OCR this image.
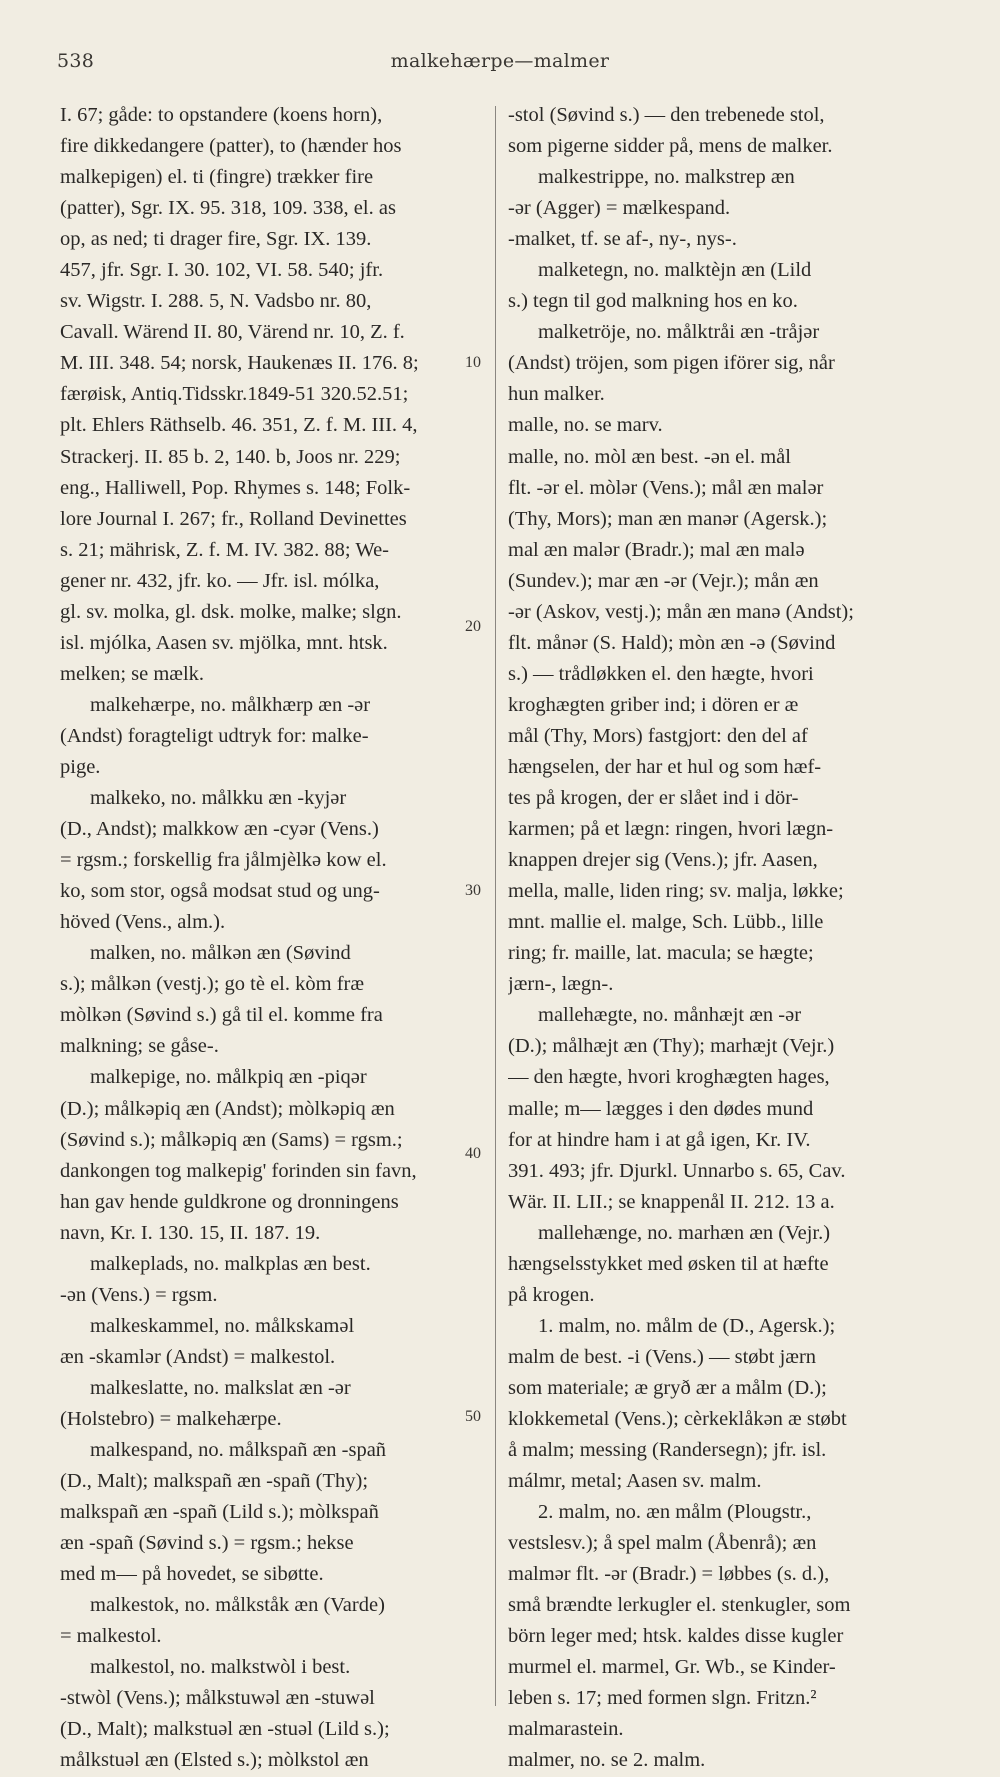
538	malkehærpe—malmer
I. 67; gåde: to opstandere (koens horn),
fire dikkedangere (patter), to (hænder hos
malkepigen) el. ti (fingre) trækker fire
(patter), Sgr. IX. 95. 318, 109. 338, el. as
op, as ned; ti drager fire, Sgr. IX. 139.
457, jfr. Sgr. I. 30. 102, VI. 58. 540; jfr.
sv. Wigstr. I. 288. 5, N. Vadsbo nr. 80,
Cavall. Wärend II. 80, Värend nr. 10, Z. f.
M. III. 348. 54; norsk, Haukenæs II. 176. 8;
færøisk, Antiq.Tidsskr.1849-51 320.52.51;
plt. Ehlers Räthselb. 46. 351, Z. f. M. III. 4,
Strackerj. II. 85 b. 2, 140. b, Joos nr. 229;
eng., Halliwell, Pop. Rhymes s. 148; Folk-
lore Journal I. 267; fr., Rolland Devinettes
s. 21; mährisk, Z. f. M. IV. 382. 88; We-
gener nr. 432, jfr. ko. — Jfr. isl. mólka,
gl. sv. molka, gl. dsk. molke, malke; slgn.
isl. mjólka, Aasen sv. mjölka, mnt. htsk.
melken; se mælk.
malkehærpe, no. målkhærp æn -ər
(Andst) foragteligt udtryk for: malke-
pige.
malkeko, no. målkku æn -kyjər
(D., Andst); malkkow æn -cyər (Vens.)
= rgsm.; forskellig fra jålmjèlkə kow el.
ko, som stor, også modsat stud og ung-
höved (Vens., alm.).
malken, no. målkən æn (Søvind
s.); målkən (vestj.); go tè el. kòm fræ
mòlkən (Søvind s.) gå til el. komme fra
malkning; se gåse-.
malkepige, no. målkpiq æn -piqər
(D.); målkəpiq æn (Andst); mòlkəpiq æn
(Søvind s.); målkəpiq æn (Sams) = rgsm.;
dankongen tog malkepig' forinden sin favn,
han gav hende guldkrone og dronningens
navn, Kr. I. 130. 15, II. 187. 19.
malkeplads, no. malkplas æn best.
-ən (Vens.) = rgsm.
malkeskammel, no. målkskaməl
æn -skamlər (Andst) = malkestol.
malkeslatte, no. malkslat æn -ər
(Holstebro) = malkehærpe.
malkespand, no. målkspañ æn -spañ
(D., Malt); malkspañ æn -spañ (Thy);
malkspañ æn -spañ (Lild s.); mòlkspañ
æn -spañ (Søvind s.) = rgsm.; hekse
med m— på hovedet, se sibøtte.
malkestok, no. målkståk æn (Varde)
= malkestol.
malkestol, no. malkstwòl i best.
-stwòl (Vens.); målkstuwəl æn -stuwəl
(D., Malt); malkstuəl æn -stuəl (Lild s.);
målkstuəl æn (Elsted s.); mòlkstol æn
-stol (Søvind s.) — den trebenede stol,
som pigerne sidder på, mens de malker.
malkestrippe, no. malkstrep æn
-ər (Agger) = mælkespand.
-malket, tf. se af-, ny-, nys-.
malketegn, no. malktèjn æn (Lild
s.) tegn til god malkning hos en ko.
malketröje, no. målktråi æn -tråjər
(Andst) tröjen, som pigen iförer sig, når
hun malker.
malle, no. se marv.
malle, no. mòl æn best. -ən el. mål
flt. -ər el. mòlər (Vens.); mål æn malər
(Thy, Mors); man æn manər (Agersk.);
mal æn malər (Bradr.); mal æn malə
(Sundev.); mar æn -ər (Vejr.); mån æn
-ər (Askov, vestj.); mån æn manə (Andst);
flt. månər (S. Hald); mòn æn -ə (Søvind
s.) — trådløkken el. den hægte, hvori
kroghægten griber ind; i dören er æ
mål (Thy, Mors) fastgjort: den del af
hængselen, der har et hul og som hæf-
tes på krogen, der er slået ind i dör-
karmen; på et lægn: ringen, hvori lægn-
knappen drejer sig (Vens.); jfr. Aasen,
mella, malle, liden ring; sv. malja, løkke;
mnt. mallie el. malge, Sch. Lübb., lille
ring; fr. maille, lat. macula; se hægte;
jærn-, lægn-.
mallehægte, no. månhæjt æn -ər
(D.); målhæjt æn (Thy); marhæjt (Vejr.)
— den hægte, hvori kroghægten hages,
malle; m— lægges i den dødes mund
for at hindre ham i at gå igen, Kr. IV.
391. 493; jfr. Djurkl. Unnarbo s. 65, Cav.
Wär. II. LII.; se knappenål II. 212. 13 a.
mallehænge, no. marhæn æn (Vejr.)
hængselsstykket med øsken til at hæfte
på krogen.
1. malm, no. målm de (D., Agersk.);
malm de best. -i (Vens.) — støbt jærn
som materiale; æ gryð ær a målm (D.);
klokkemetal (Vens.); cèrkeklåkən æ støbt
å malm; messing (Randersegn); jfr. isl.
málmr, metal; Aasen sv. malm.
2. malm, no. æn målm (Plougstr.,
vestslesv.); å spel malm (Åbenrå); æn
malmər flt. -ər (Bradr.) = løbbes (s. d.),
små brændte lerkugler el. stenkugler, som
börn leger med; htsk. kaldes disse kugler
murmel el. marmel, Gr. Wb., se Kinder-
leben s. 17; med formen slgn. Fritzn.²
malmarastein.
malmer, no. se 2. malm.
10
20
30
40
50
